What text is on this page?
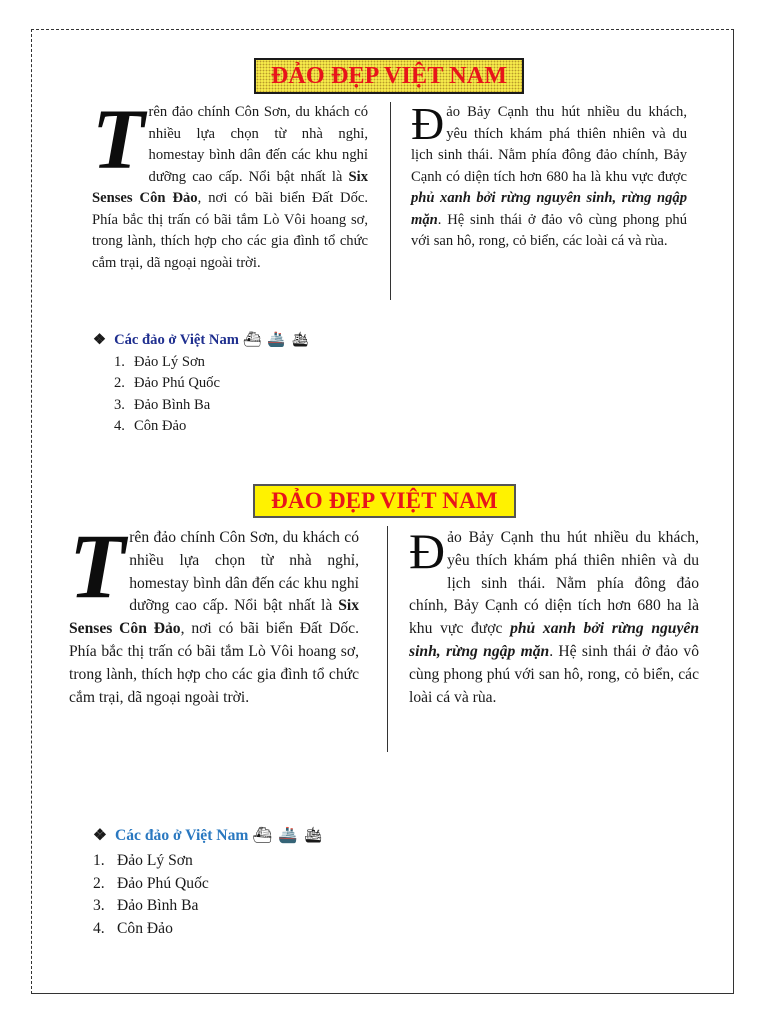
ĐẢO ĐẸP VIỆT NAM

Trên đảo chính Côn Sơn, du khách có nhiều lựa chọn từ nhà nghỉ, homestay bình dân đến các khu nghỉ dưỡng cao cấp. Nổi bật nhất là Six Senses Côn Đảo, nơi có bãi biển Đất Dốc. Phía bắc thị trấn có bãi tắm Lò Vôi hoang sơ, trong lành, thích hợp cho các gia đình tổ chức cắm trại, dã ngoại ngoài trời.

Đảo Bảy Cạnh thu hút nhiều du khách, yêu thích khám phá thiên nhiên và du lịch sinh thái. Nằm phía đông đảo chính, Bảy Cạnh có diện tích hơn 680 ha là khu vực được phủ xanh bởi rừng nguyên sinh, rừng ngập mặn. Hệ sinh thái ở đảo vô cùng phong phú với san hô, rong, cỏ biển, các loài cá và rùa.

❖ Các đảo ở Việt Nam ⛴ 🚢 🛳
1. Đảo Lý Sơn
2. Đảo Phú Quốc
3. Đảo Bình Ba
4. Côn Đảo
ĐẢO ĐẸP VIỆT NAM

Trên đảo chính Côn Sơn, du khách có nhiều lựa chọn từ nhà nghỉ, homestay bình dân đến các khu nghỉ dưỡng cao cấp. Nổi bật nhất là Six Senses Côn Đảo, nơi có bãi biển Đất Dốc. Phía bắc thị trấn có bãi tắm Lò Vôi hoang sơ, trong lành, thích hợp cho các gia đình tổ chức cắm trại, dã ngoại ngoài trời.

Đảo Bảy Cạnh thu hút nhiều du khách, yêu thích khám phá thiên nhiên và du lịch sinh thái. Nằm phía đông đảo chính, Bảy Cạnh có diện tích hơn 680 ha là khu vực được phủ xanh bởi rừng nguyên sinh, rừng ngập mặn. Hệ sinh thái ở đảo vô cùng phong phú với san hô, rong, cỏ biển, các loài cá và rùa.

❖ Các đảo ở Việt Nam ⛴ 🚢 🛳
1. Đảo Lý Sơn
2. Đảo Phú Quốc
3. Đảo Bình Ba
4. Côn Đảo
